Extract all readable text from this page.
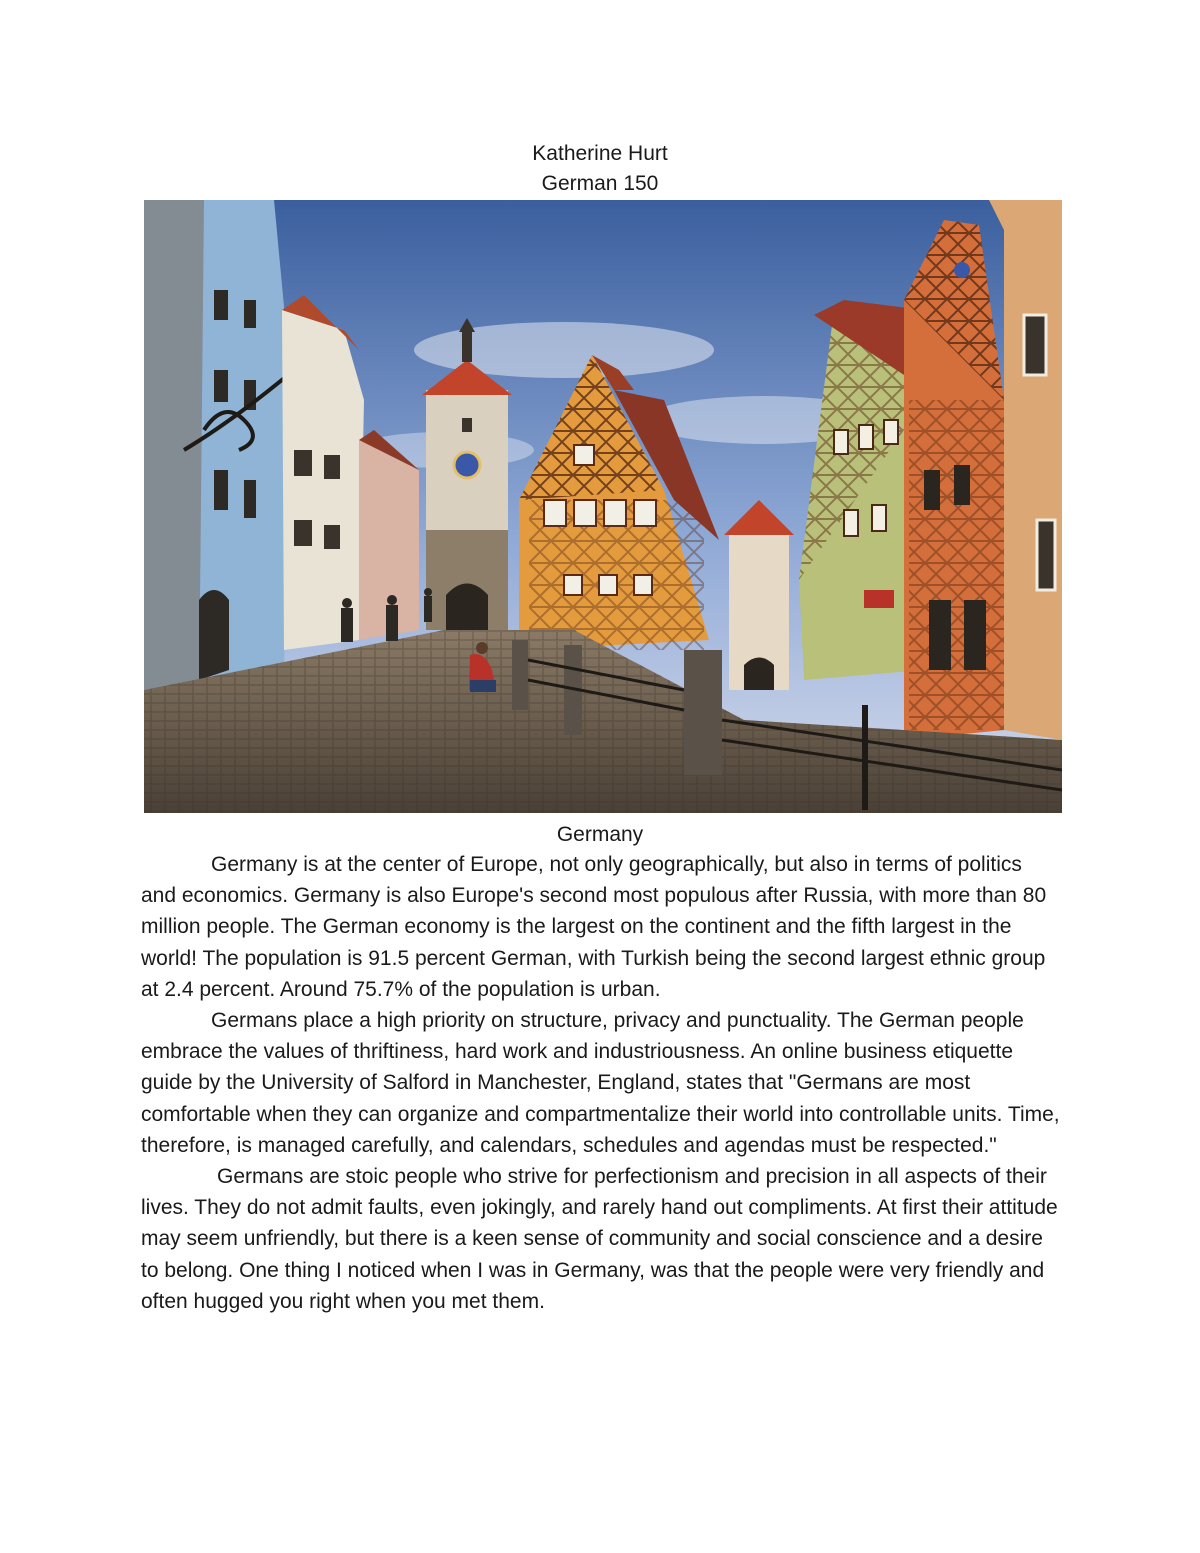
Katherine Hurt
German 150
Germany

Germany is at the center of Europe, not only geographically, but also in terms of politics and economics. Germany is also Europe's second most populous after Russia, with more than 80 million people. The German economy is the largest on the continent and the fifth largest in the world! The population is 91.5 percent German, with Turkish being the second largest ethnic group at 2.4 percent. Around 75.7% of the population is urban.

Germans place a high priority on structure, privacy and punctuality. The German people embrace the values of thriftiness, hard work and industriousness. An online business etiquette guide by the University of Salford in Manchester, England, states that "Germans are most comfortable when they can organize and compartmentalize their world into controllable units. Time, therefore, is managed carefully, and calendars, schedules and agendas must be respected."

Germans are stoic people who strive for perfectionism and precision in all aspects of their lives. They do not admit faults, even jokingly, and rarely hand out compliments. At first their attitude may seem unfriendly, but there is a keen sense of community and social conscience and a desire to belong. One thing I noticed when I was in Germany, was that the people were very friendly and often hugged you right when you met them.
